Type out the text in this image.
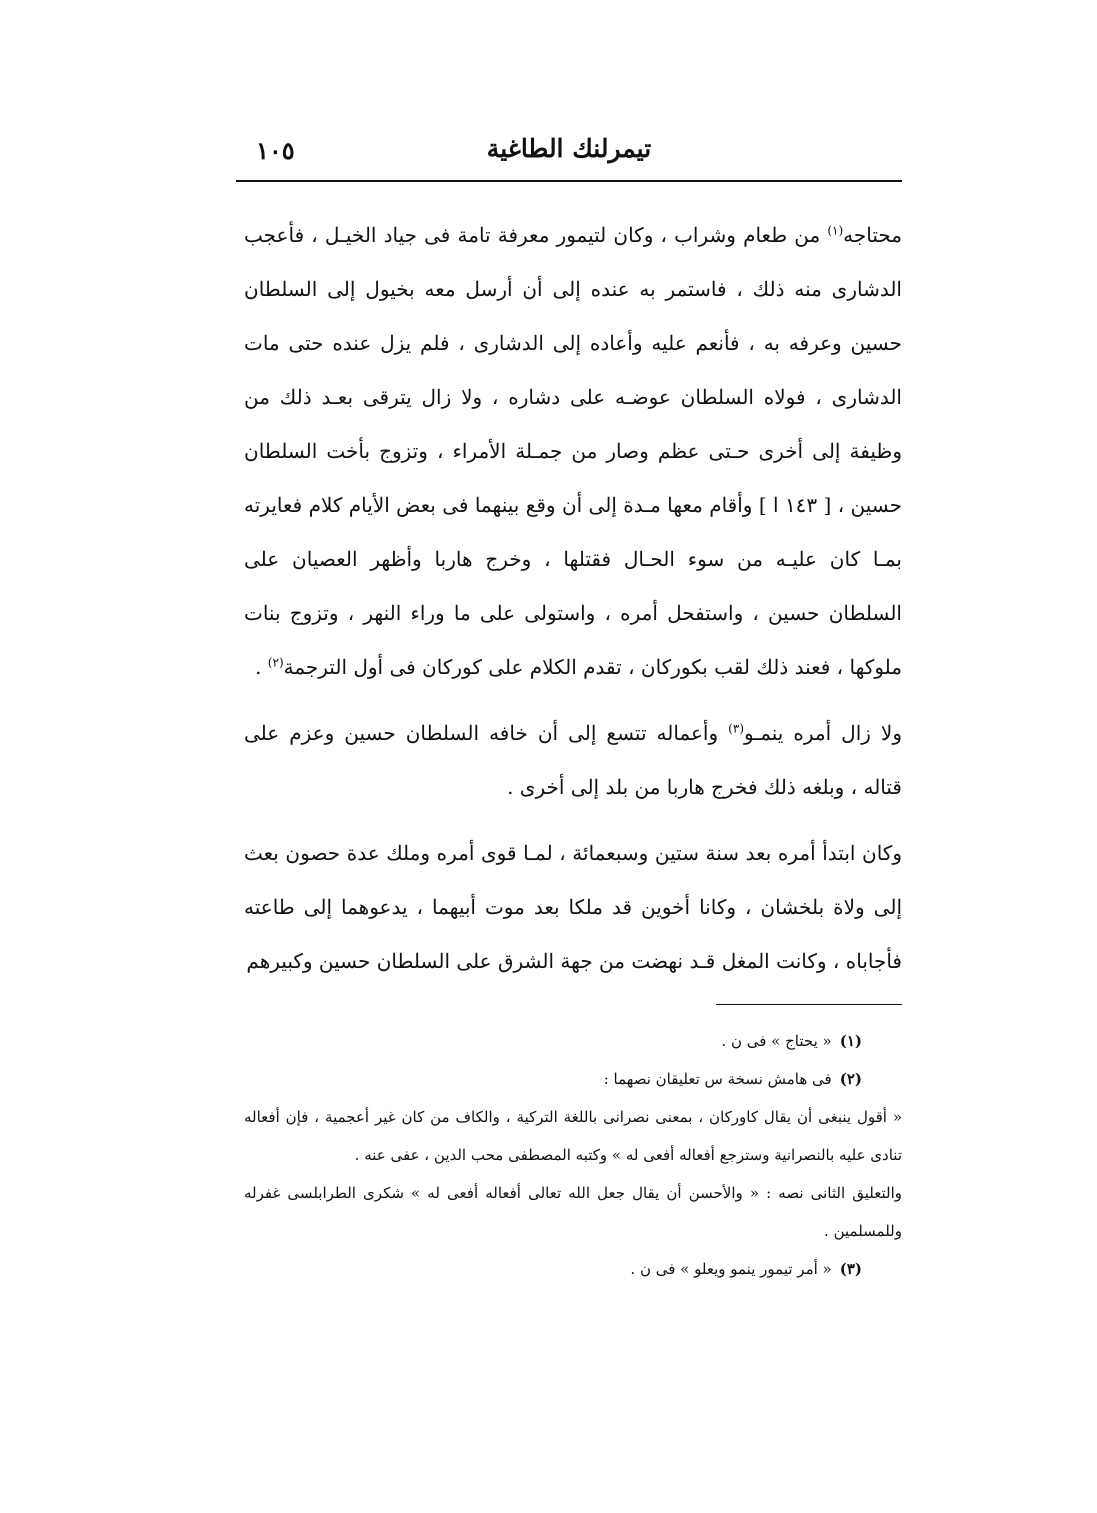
تيمرلنك الطاغية
١٠٥

محتاجه$^{(١)}$ من طعام وشراب ، وكان لتيمور معرفة تامة فى جياد الخيـل ، فأعجب الدشارى منه ذلك ، فاستمر به عنده إلى أن أرسل معه بخيول إلى السلطان حسين وعرفه به ، فأنعم عليه وأعاده إلى الدشارى ، فلم يزل عنده حتى مات الدشارى ، فولاه السلطان عوضـه على دشاره ، ولا زال يترقى بعـد ذلك من وظيفة إلى أخرى حـتى عظم وصار من جمـلة الأمراء ، وتزوج بأخت السلطان حسين ، [ ١٤٣ ا ] وأقام معها مـدة إلى أن وقع بينهما فى بعض الأيام كلام فعايرته بمـا كان عليـه من سوء الحـال فقتلها ، وخرج هاربا وأظهر العصيان على السلطان حسين ، واستفحل أمره ، واستولى على ما وراء النهر ، وتزوج بنات ملوكها ، فعند ذلك لقب بكوركان ، تقدم الكلام على كوركان فى أول الترجمة$^{(٢)}$ .

ولا زال أمره ينمـو$^{(٣)}$ وأعماله تتسع إلى أن خافه السلطان حسين وعزم على قتاله ، وبلغه ذلك فخرج هاربا من بلد إلى أخرى .

وكان ابتدأ أمره بعد سنة ستين وسبعمائة ، لمـا قوى أمره وملك عدة حصون بعث إلى ولاة بلخشان ، وكانا أخوين قد ملكا بعد موت أبيهما ، يدعوهما إلى طاعته فأجاباه ، وكانت المغل قـد نهضت من جهة الشرق على السلطان حسين وكبيرهم

(١)« يحتاج » فى ن .

(٢)فى هامش نسخة س تعليقان نصهما :

« أقول ينبغى أن يقال كاوركان ، بمعنى نصرانى باللغة التركية ، والكاف من كان غير أعجمية ، فإن أفعاله تنادى عليه بالنصرانية وسترجع أفعاله أفعى له » وكتبه المصطفى محب الدين ، عفى عنه .

والتعليق الثانى نصه : « والأحسن أن يقال جعل الله تعالى أفعاله أفعى له » شكرى الطرابلسى غفرله وللمسلمين .

(٣)« أمر تيمور ينمو ويعلو » فى ن .
